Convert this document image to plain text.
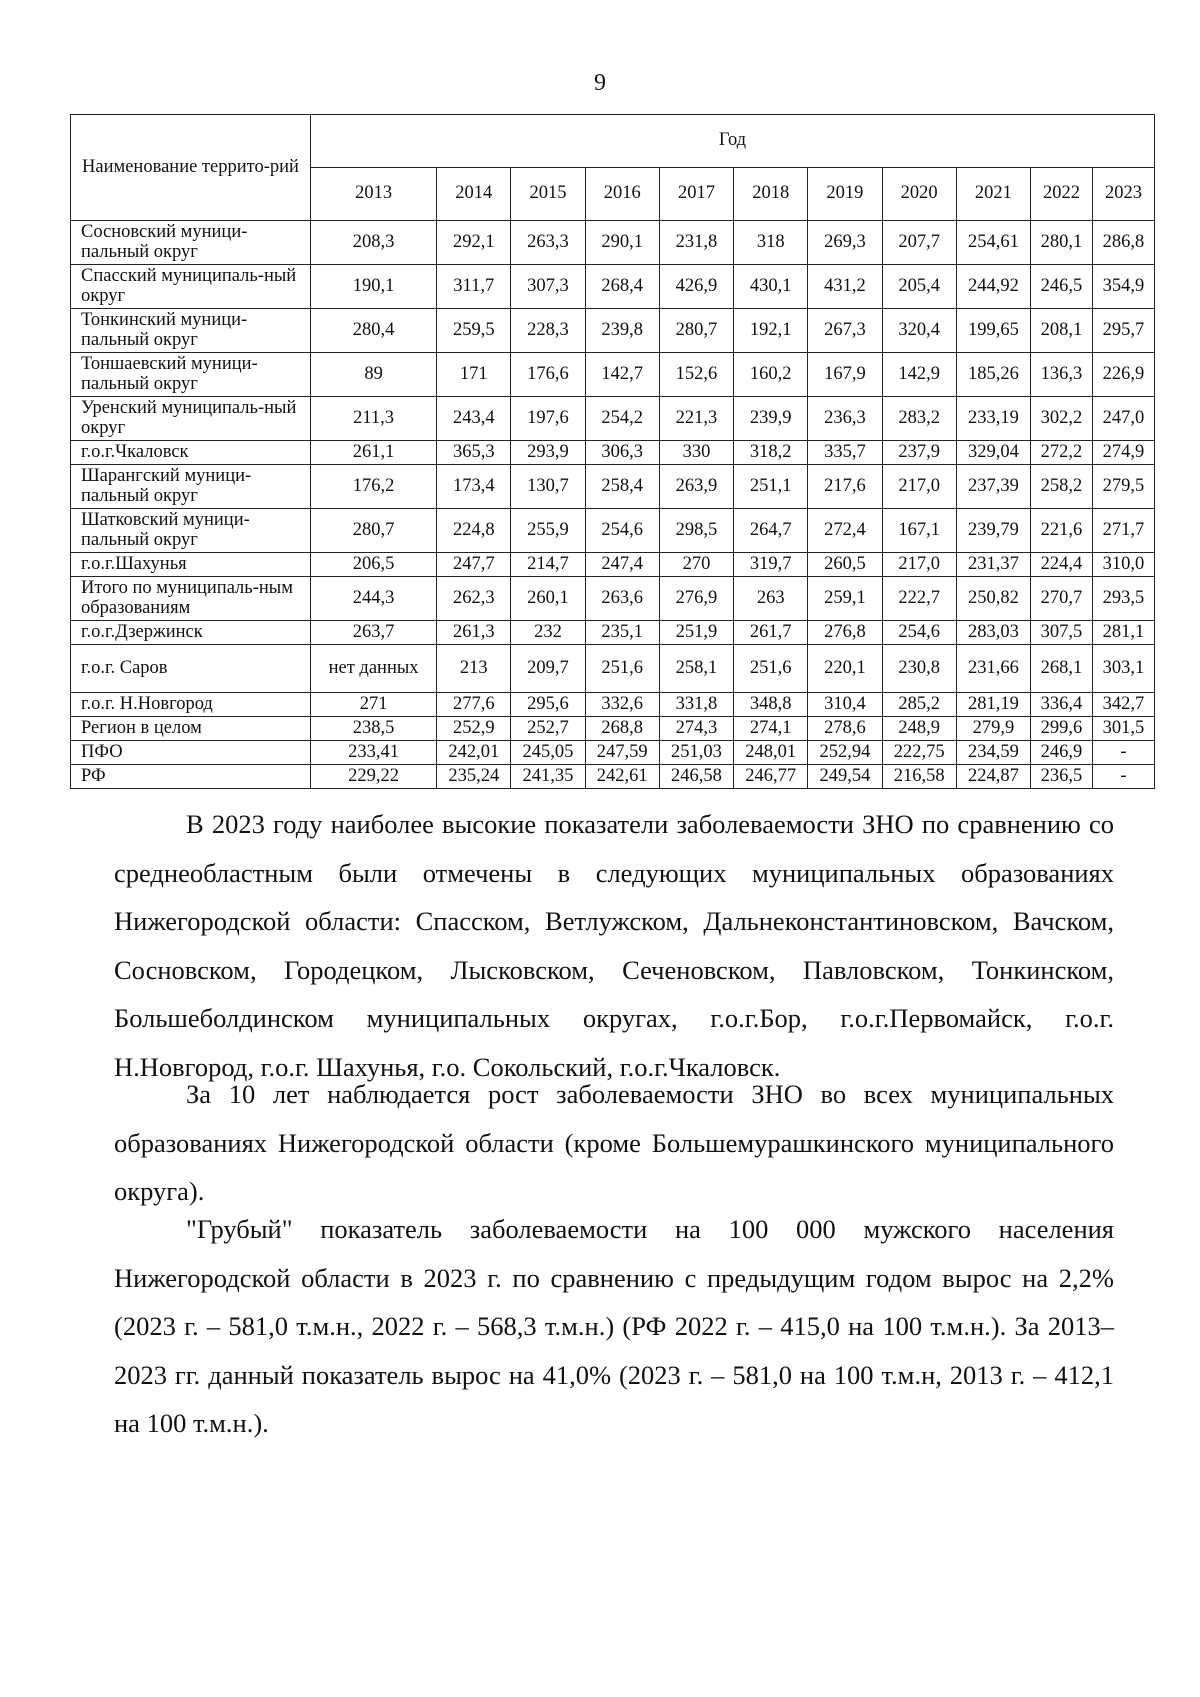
9
Наименование террито-рий	Год										
	2013	2014	2015	2016	2017	2018	2019	2020	2021	2022	2023
Сосновский муници-пальный округ	208,3	292,1	263,3	290,1	231,8	318	269,3	207,7	254,61	280,1	286,8
Спасский муниципаль-ный округ	190,1	311,7	307,3	268,4	426,9	430,1	431,2	205,4	244,92	246,5	354,9
Тонкинский муници-пальный округ	280,4	259,5	228,3	239,8	280,7	192,1	267,3	320,4	199,65	208,1	295,7
Тоншаевский муници-пальный округ	89	171	176,6	142,7	152,6	160,2	167,9	142,9	185,26	136,3	226,9
Уренский муниципаль-ный округ	211,3	243,4	197,6	254,2	221,3	239,9	236,3	283,2	233,19	302,2	247,0
г.о.г.Чкаловск	261,1	365,3	293,9	306,3	330	318,2	335,7	237,9	329,04	272,2	274,9
Шарангский муници-пальный округ	176,2	173,4	130,7	258,4	263,9	251,1	217,6	217,0	237,39	258,2	279,5
Шатковский муници-пальный округ	280,7	224,8	255,9	254,6	298,5	264,7	272,4	167,1	239,79	221,6	271,7
г.о.г.Шахунья	206,5	247,7	214,7	247,4	270	319,7	260,5	217,0	231,37	224,4	310,0
Итого по муниципаль-ным образованиям	244,3	262,3	260,1	263,6	276,9	263	259,1	222,7	250,82	270,7	293,5
г.о.г.Дзержинск	263,7	261,3	232	235,1	251,9	261,7	276,8	254,6	283,03	307,5	281,1
г.о.г. Саров	нет данных	213	209,7	251,6	258,1	251,6	220,1	230,8	231,66	268,1	303,1
г.о.г. Н.Новгород	271	277,6	295,6	332,6	331,8	348,8	310,4	285,2	281,19	336,4	342,7
Регион в целом	238,5	252,9	252,7	268,8	274,3	274,1	278,6	248,9	279,9	299,6	301,5
ПФО	233,41	242,01	245,05	247,59	251,03	248,01	252,94	222,75	234,59	246,9	-
РФ	229,22	235,24	241,35	242,61	246,58	246,77	249,54	216,58	224,87	236,5	-
В 2023 году наиболее высокие показатели заболеваемости ЗНО по сравнению со среднеобластным были отмечены в следующих муниципальных образованиях Нижегородской области: Спасском, Ветлужском, Дальнеконстантиновском, Вачском, Сосновском, Городецком, Лысковском, Сеченовском, Павловском, Тонкинском, Большеболдинском муниципальных округах, г.о.г.Бор, г.о.г.Первомайск, г.о.г. Н.Новгород, г.о.г. Шахунья, г.о. Сокольский, г.о.г.Чкаловск.
За 10 лет наблюдается рост заболеваемости ЗНО во всех муниципальных образованиях Нижегородской области (кроме Большемурашкинского муниципального округа).
"Грубый" показатель заболеваемости на 100 000 мужского населения Нижегородской области в 2023 г. по сравнению с предыдущим годом вырос на 2,2% (2023 г. – 581,0 т.м.н., 2022 г. – 568,3 т.м.н.) (РФ 2022 г. – 415,0 на 100 т.м.н.). За 2013–2023 гг. данный показатель вырос на 41,0% (2023 г. – 581,0 на 100 т.м.н, 2013 г. – 412,1 на 100 т.м.н.).
